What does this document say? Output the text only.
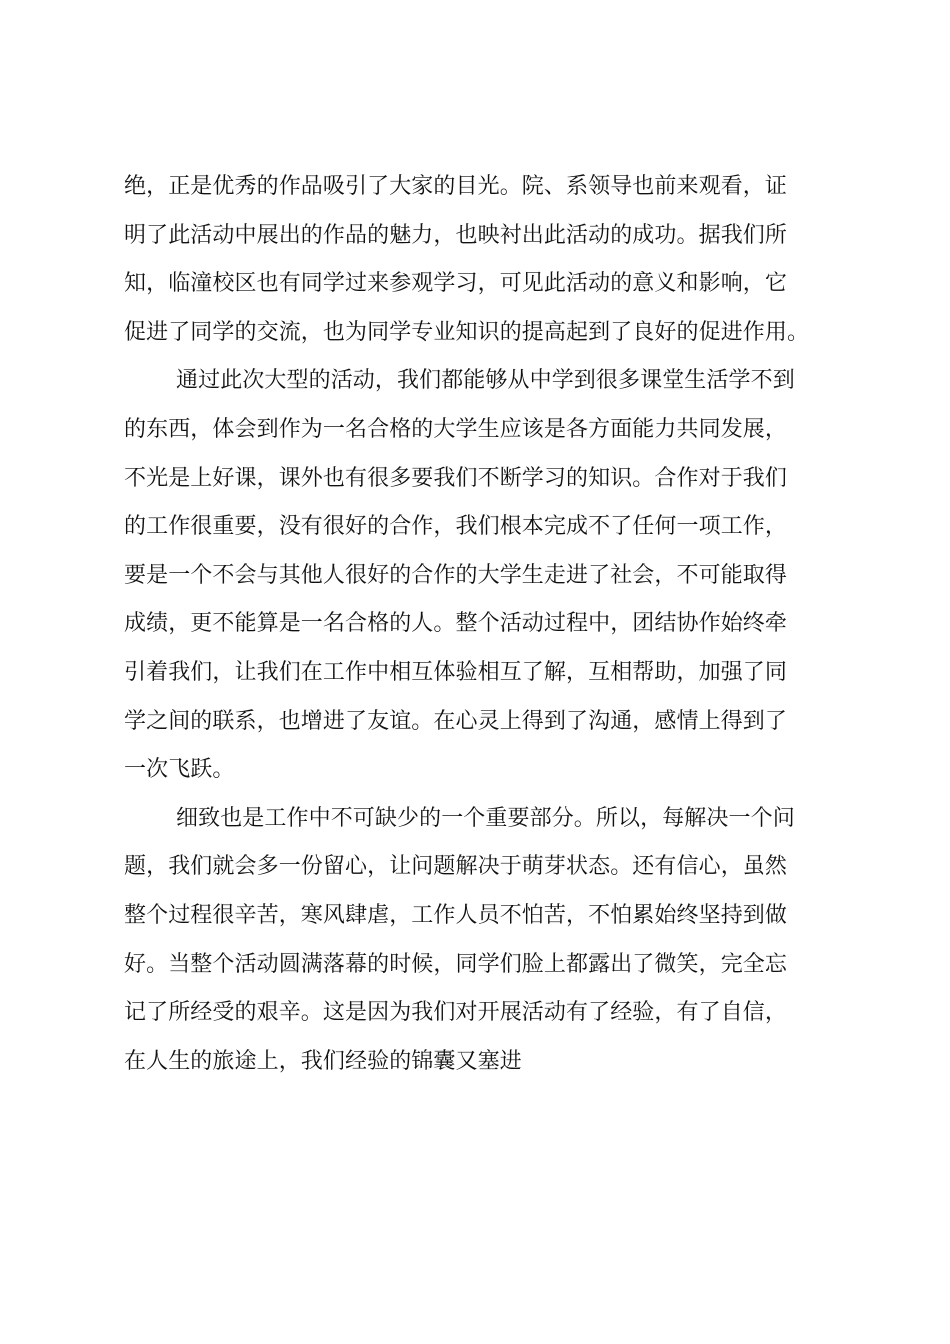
绝，正是优秀的作品吸引了大家的目光。院、系领导也前来观看，证
明了此活动中展出的作品的魅力，也映衬出此活动的成功。据我们所
知，临潼校区也有同学过来参观学习，可见此活动的意义和影响，它
促进了同学的交流，也为同学专业知识的提高起到了良好的促进作用。
通过此次大型的活动，我们都能够从中学到很多课堂生活学不到
的东西，体会到作为一名合格的大学生应该是各方面能力共同发展，
不光是上好课，课外也有很多要我们不断学习的知识。合作对于我们
的工作很重要，没有很好的合作，我们根本完成不了任何一项工作，
要是一个不会与其他人很好的合作的大学生走进了社会，不可能取得
成绩，更不能算是一名合格的人。整个活动过程中，团结协作始终牵
引着我们，让我们在工作中相互体验相互了解，互相帮助，加强了同
学之间的联系，也增进了友谊。在心灵上得到了沟通，感情上得到了
一次飞跃。
细致也是工作中不可缺少的一个重要部分。所以，每解决一个问
题，我们就会多一份留心，让问题解决于萌芽状态。还有信心，虽然
整个过程很辛苦，寒风肆虐，工作人员不怕苦，不怕累始终坚持到做
好。当整个活动圆满落幕的时候，同学们脸上都露出了微笑，完全忘
记了所经受的艰辛。这是因为我们对开展活动有了经验，有了自信，
在人生的旅途上，我们经验的锦囊又塞进
